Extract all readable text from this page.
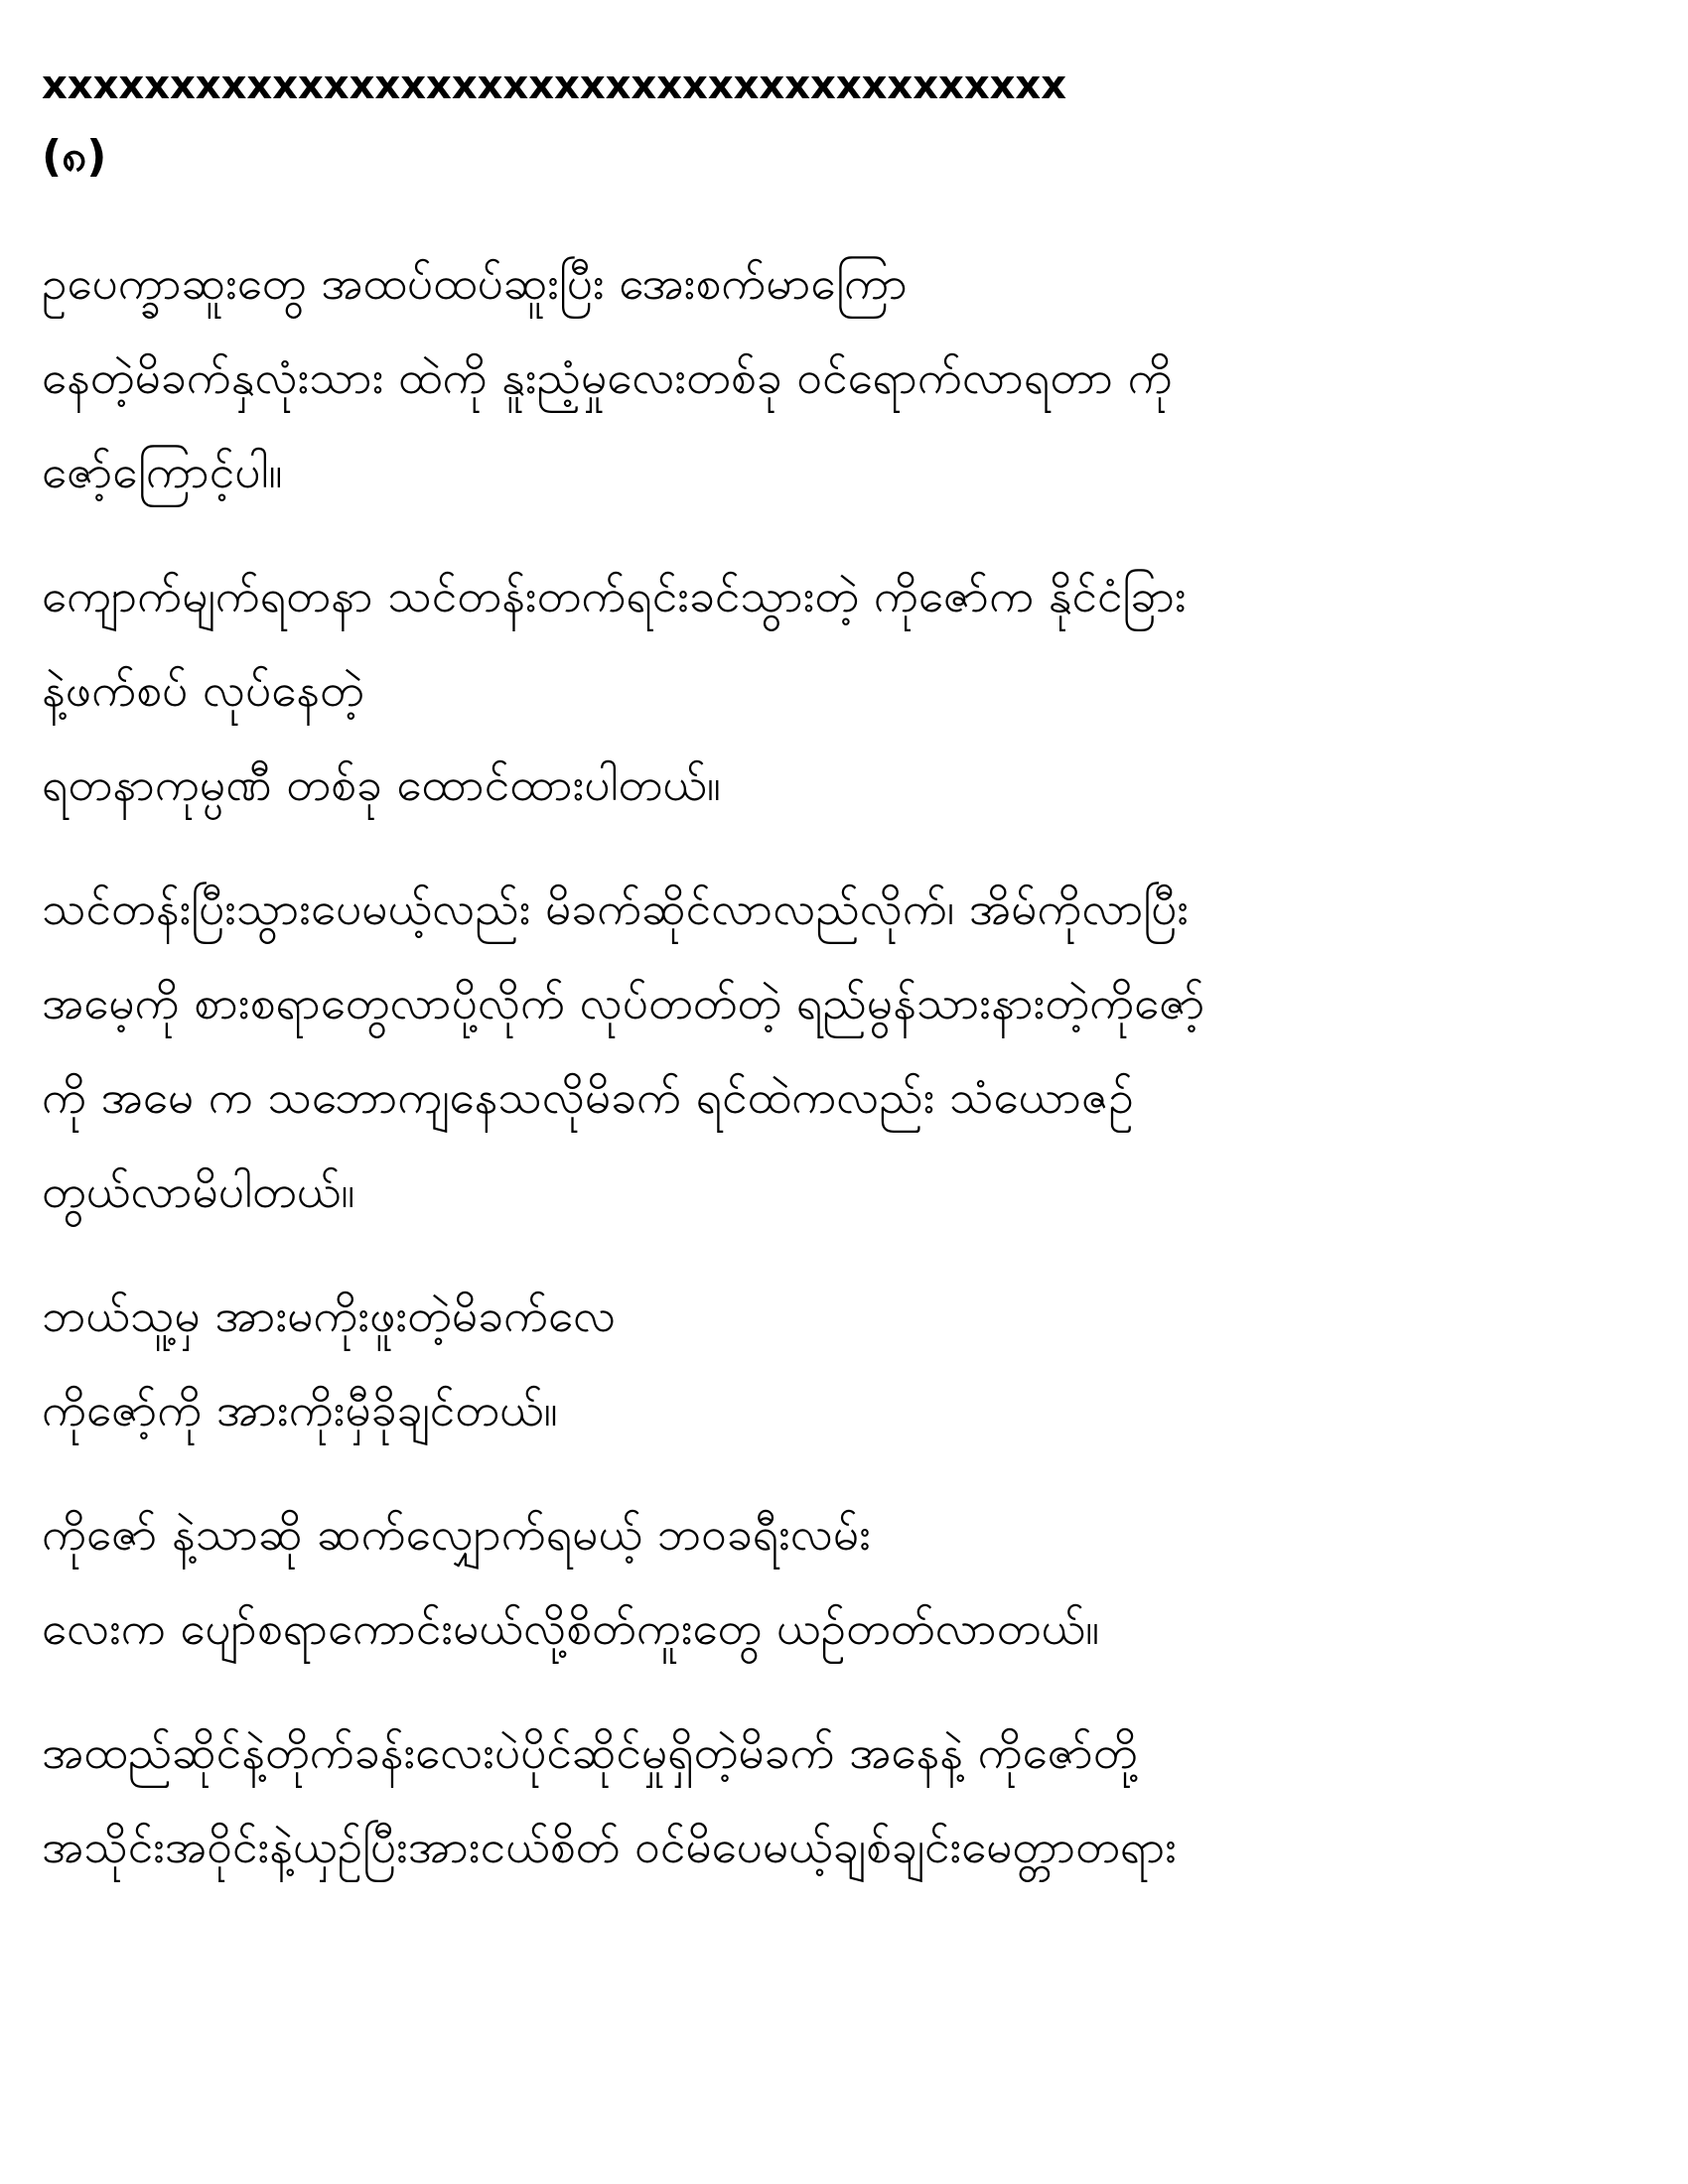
xxxxxxxxxxxxxxxxxxxxxxxxxxxxxxxxxxxxxxxx

(၈)

ဥပေက္ခာဆူးတွေ အထပ်ထပ်ဆူးပြီး အေးစက်မာကြော
နေတဲ့မိခက်နှလုံးသား ထဲကို နူးညံ့မှုလေးတစ်ခု ဝင်ရောက်လာရတာ ကို
ဇော့်ကြောင့်ပါ။
ကျောက်မျက်ရတနာ သင်တန်းတက်ရင်းခင်သွားတဲ့ ကိုဇော်က နိုင်ငံခြား
နဲ့ဖက်စပ် လုပ်နေတဲ့
ရတနာကုမ္ပဏီ တစ်ခု ထောင်ထားပါတယ်။
သင်တန်းပြီးသွားပေမယ့်လည်း မိခက်ဆိုင်လာလည်လိုက်၊ အိမ်ကိုလာပြီး
အမေ့ကို စားစရာတွေလာပို့လိုက် လုပ်တတ်တဲ့ ရည်မွန်သားနားတဲ့ကိုဇော့်
ကို အမေ က သဘောကျနေသလိုမိခက် ရင်ထဲကလည်း သံယောဇဉ်
တွယ်လာမိပါတယ်။
ဘယ်သူ့မှ အားမကိုးဖူးတဲ့မိခက်လေ
ကိုဇော့်ကို အားကိုးမှီခိုချင်တယ်။
ကိုဇော် နဲ့သာဆို ဆက်လျှောက်ရမယ့် ဘဝခရီးလမ်း
လေးက ပျော်စရာကောင်းမယ်လို့စိတ်ကူးတွေ ယဉ်တတ်လာတယ်။
အထည်ဆိုင်နဲ့တိုက်ခန်းလေးပဲပိုင်ဆိုင်မှုရှိတဲ့မိခက် အနေနဲ့ ကိုဇော်တို့
အသိုင်းအဝိုင်းနဲ့ယှဉ်ပြီးအားငယ်စိတ် ဝင်မိပေမယ့်ချစ်ချင်းမေတ္တာတရား
